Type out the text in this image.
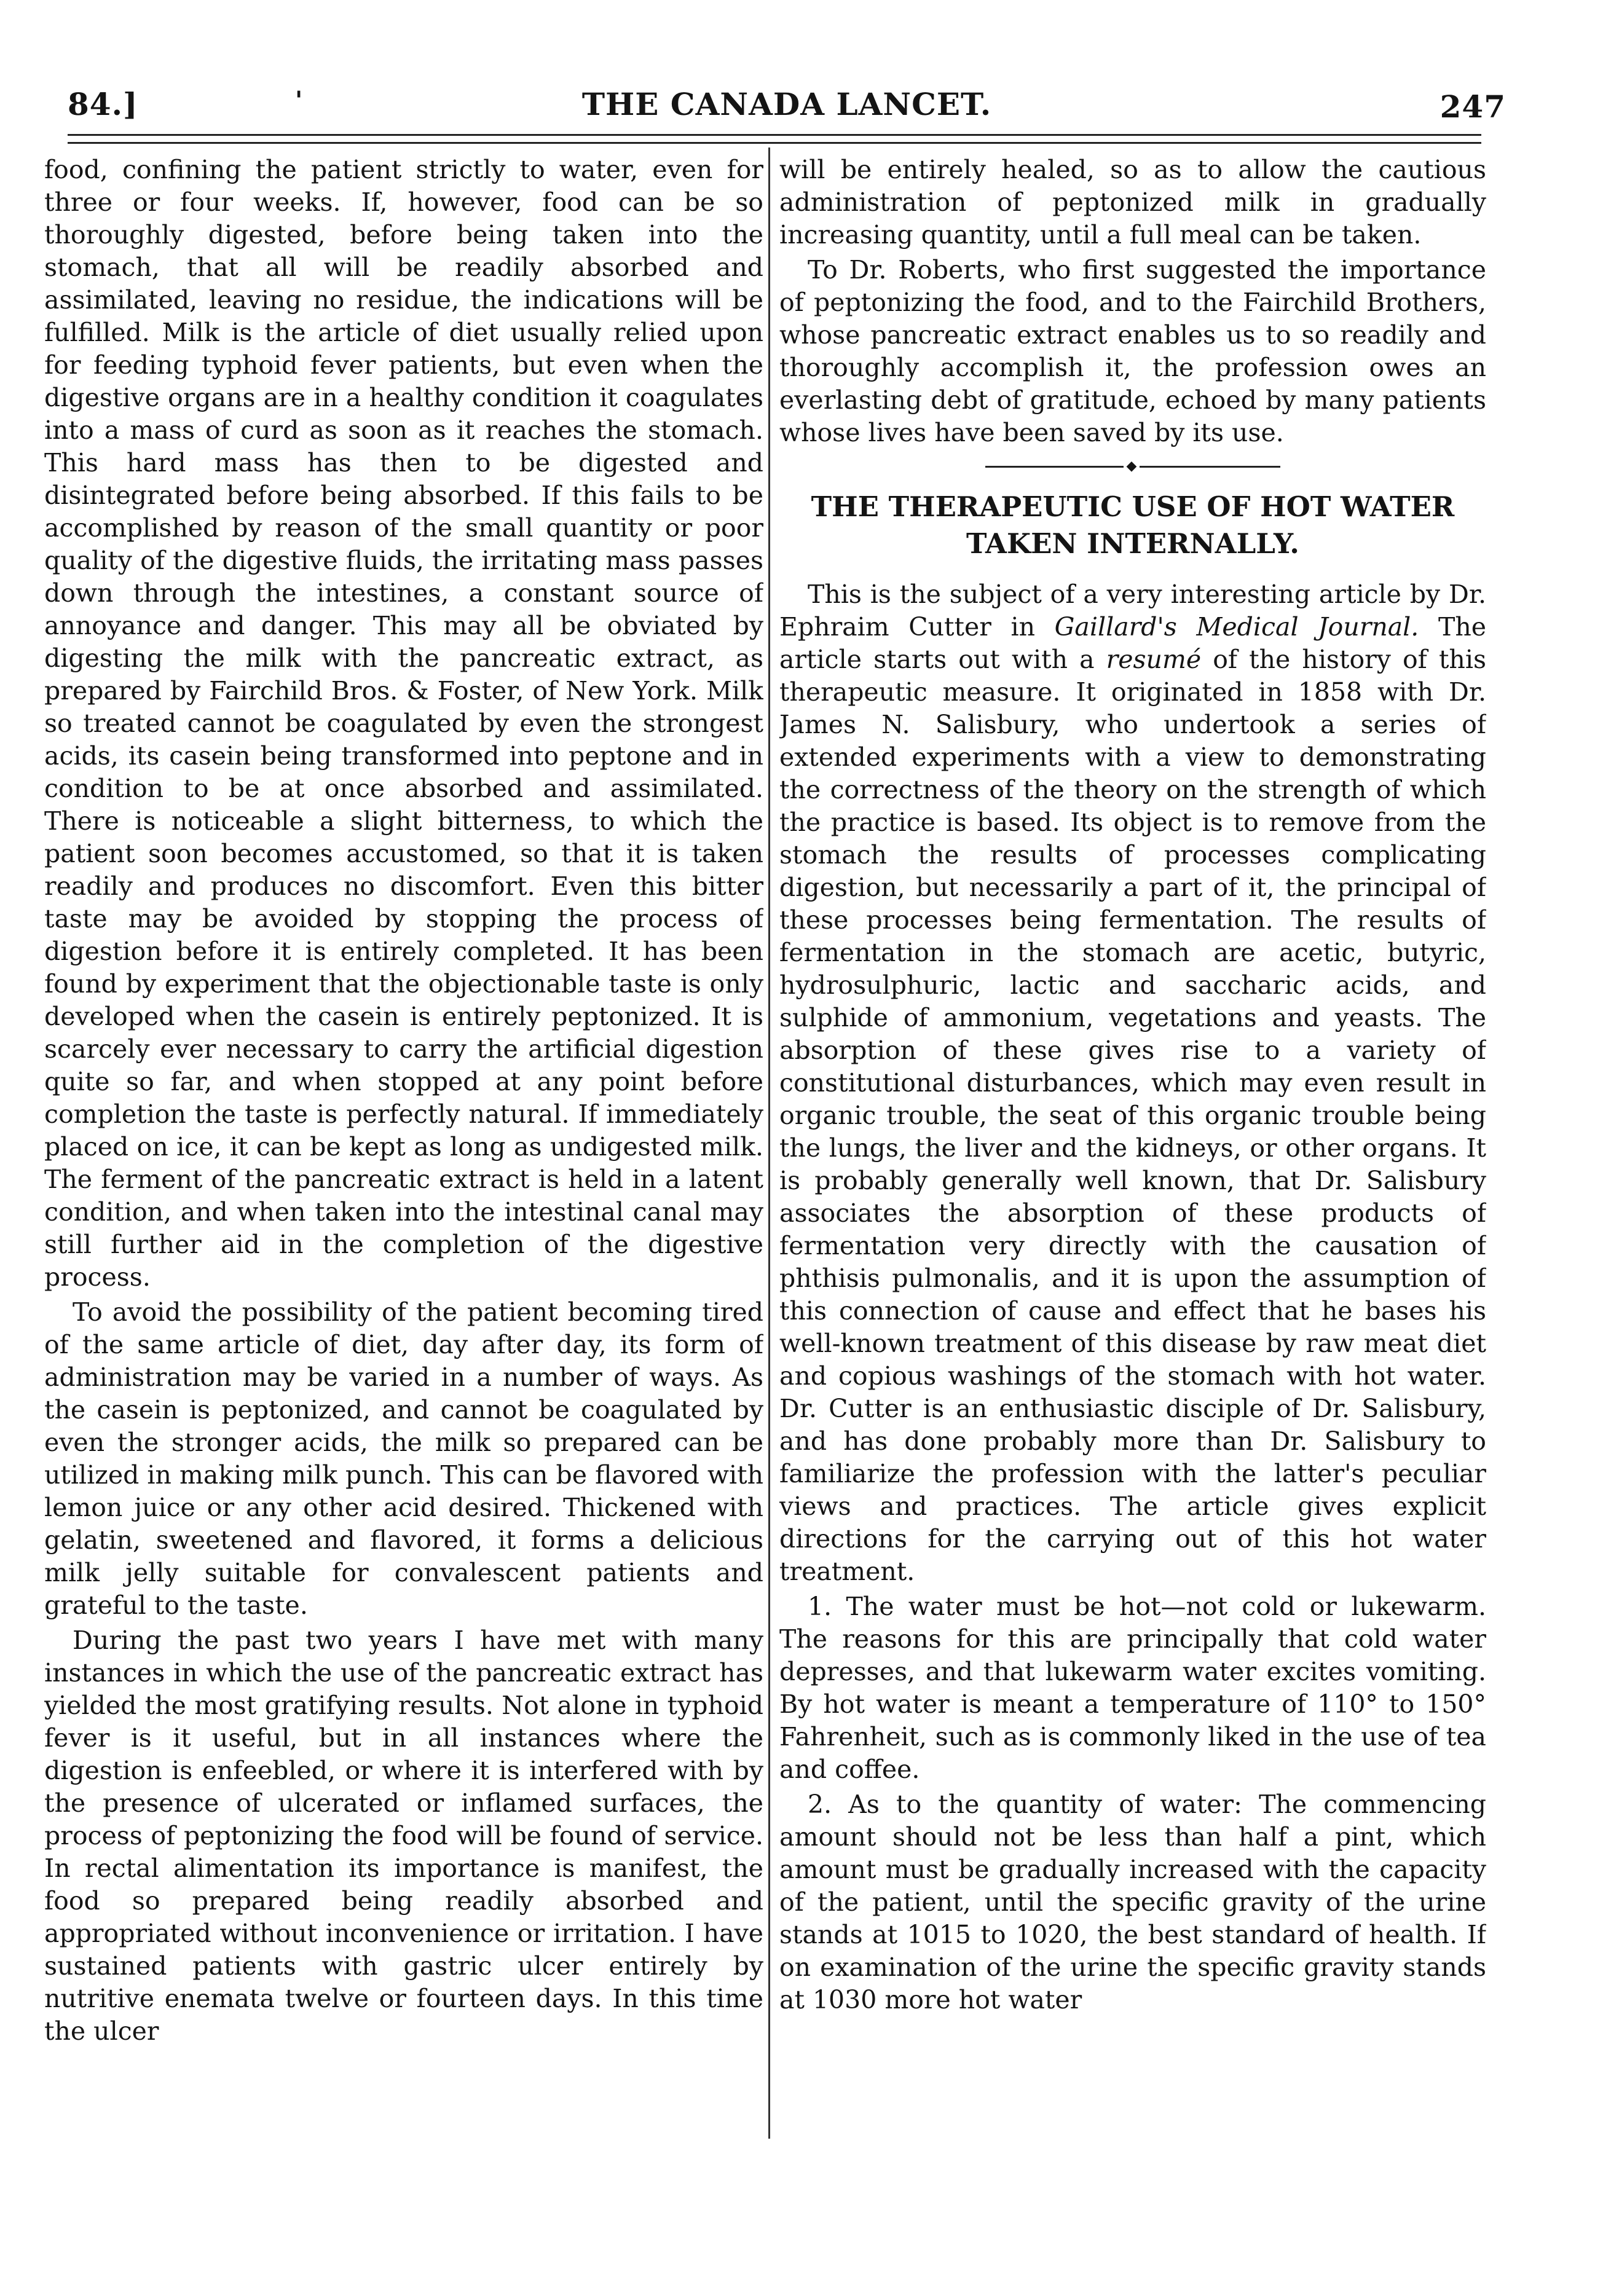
84.]	'	THE CANADA LANCET.	247

food, confining the patient strictly to water, even for three or four weeks. If, however, food can be so thoroughly digested, before being taken into the stomach, that all will be readily absorbed and assimilated, leaving no residue, the indications will be fulfilled. Milk is the article of diet usually relied upon for feeding typhoid fever patients, but even when the digestive organs are in a healthy condition it coagulates into a mass of curd as soon as it reaches the stomach. This hard mass has then to be digested and disintegrated before being absorbed. If this fails to be accomplished by reason of the small quantity or poor quality of the digestive fluids, the irritating mass passes down through the intestines, a constant source of annoyance and danger. This may all be obviated by digesting the milk with the pancreatic extract, as prepared by Fairchild Bros. & Foster, of New York. Milk so treated cannot be coagulated by even the strongest acids, its casein being transformed into peptone and in condition to be at once absorbed and assimilated. There is noticeable a slight bitterness, to which the patient soon becomes accustomed, so that it is taken readily and produces no discomfort. Even this bitter taste may be avoided by stopping the process of digestion before it is entirely completed. It has been found by experiment that the objectionable taste is only developed when the casein is entirely peptonized. It is scarcely ever necessary to carry the artificial digestion quite so far, and when stopped at any point before completion the taste is perfectly natural. If immediately placed on ice, it can be kept as long as undigested milk. The ferment of the pancreatic extract is held in a latent condition, and when taken into the intestinal canal may still further aid in the completion of the digestive process.

To avoid the possibility of the patient becoming tired of the same article of diet, day after day, its form of administration may be varied in a number of ways. As the casein is peptonized, and cannot be coagulated by even the stronger acids, the milk so prepared can be utilized in making milk punch. This can be flavored with lemon juice or any other acid desired. Thickened with gelatin, sweetened and flavored, it forms a delicious milk jelly suitable for convalescent patients and grateful to the taste.

During the past two years I have met with many instances in which the use of the pancreatic extract has yielded the most gratifying results. Not alone in typhoid fever is it useful, but in all instances where the digestion is enfeebled, or where it is interfered with by the presence of ulcerated or inflamed surfaces, the process of peptonizing the food will be found of service. In rectal alimentation its importance is manifest, the food so prepared being readily absorbed and appropriated without inconvenience or irritation. I have sustained patients with gastric ulcer entirely by nutritive enemata twelve or fourteen days. In this time the ulcer

will be entirely healed, so as to allow the cautious administration of peptonized milk in gradually increasing quantity, until a full meal can be taken.

To Dr. Roberts, who first suggested the importance of peptonizing the food, and to the Fairchild Brothers, whose pancreatic extract enables us to so readily and thoroughly accomplish it, the profession owes an everlasting debt of gratitude, echoed by many patients whose lives have been saved by its use.

◆
THE THERAPEUTIC USE OF HOT WATER TAKEN INTERNALLY.

This is the subject of a very interesting article by Dr. Ephraim Cutter in Gaillard's Medical Journal. The article starts out with a resumé of the history of this therapeutic measure. It originated in 1858 with Dr. James N. Salisbury, who undertook a series of extended experiments with a view to demonstrating the correctness of the theory on the strength of which the practice is based. Its object is to remove from the stomach the results of processes complicating digestion, but necessarily a part of it, the principal of these processes being fermentation. The results of fermentation in the stomach are acetic, butyric, hydrosulphuric, lactic and saccharic acids, and sulphide of ammonium, vegetations and yeasts. The absorption of these gives rise to a variety of constitutional disturbances, which may even result in organic trouble, the seat of this organic trouble being the lungs, the liver and the kidneys, or other organs. It is probably generally well known, that Dr. Salisbury associates the absorption of these products of fermentation very directly with the causation of phthisis pulmonalis, and it is upon the assumption of this connection of cause and effect that he bases his well-known treatment of this disease by raw meat diet and copious washings of the stomach with hot water. Dr. Cutter is an enthusiastic disciple of Dr. Salisbury, and has done probably more than Dr. Salisbury to familiarize the profession with the latter's peculiar views and practices. The article gives explicit directions for the carrying out of this hot water treatment.

1. The water must be hot—not cold or lukewarm. The reasons for this are principally that cold water depresses, and that lukewarm water excites vomiting. By hot water is meant a temperature of 110° to 150° Fahrenheit, such as is commonly liked in the use of tea and coffee.

2. As to the quantity of water: The commencing amount should not be less than half a pint, which amount must be gradually increased with the capacity of the patient, until the specific gravity of the urine stands at 1015 to 1020, the best standard of health. If on examination of the urine the specific gravity stands at 1030 more hot water
